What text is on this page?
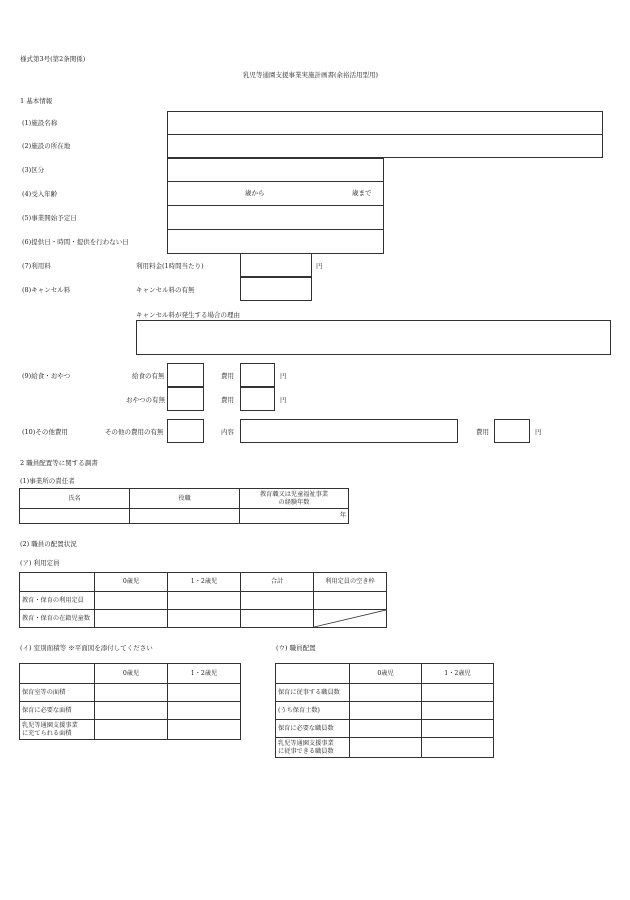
様式第3号(第2条関係)
乳児等通園支援事業実施計画書(余裕活用型用)
1 基本情報
(1)施設名称
(2)施設の所在地
(3)区分
(4)受入年齢	歳から	歳まで
(5)事業開始予定日
(6)提供日・時間・提供を行わない日
(7)利用料	利用料金(1時間当たり)	円
(8)キャンセル料	キャンセル料の有無
キャンセル料が発生する場合の理由
(9)給食・おやつ	給食の有無	費用	円
おやつの有無	費用	円
(10)その他費用	その他の費用の有無	内容	費用	円
2 職員配置等に関する調書
(1)事業所の責任者
氏名	役職	教育職又は児童福祉事業
の経験年数
		年
(2) 職員の配置状況
(ア) 利用定員
	0歳児	1・2歳児	合計	利用定員の空き枠
教育・保育の利用定員				
教育・保育の在籍児童数				
(イ) 室別面積等 ※平面図を添付してください
	0歳児	1・2歳児
保育室等の面積		
保育に必要な面積		
乳児等通園支援事業
に充てられる面積		
(ウ) 職員配置
	0歳児	1・2歳児
保育に従事する職員数		
(うち保育士数)		
保育に必要な職員数		
乳児等通園支援事業
に従事できる職員数		
